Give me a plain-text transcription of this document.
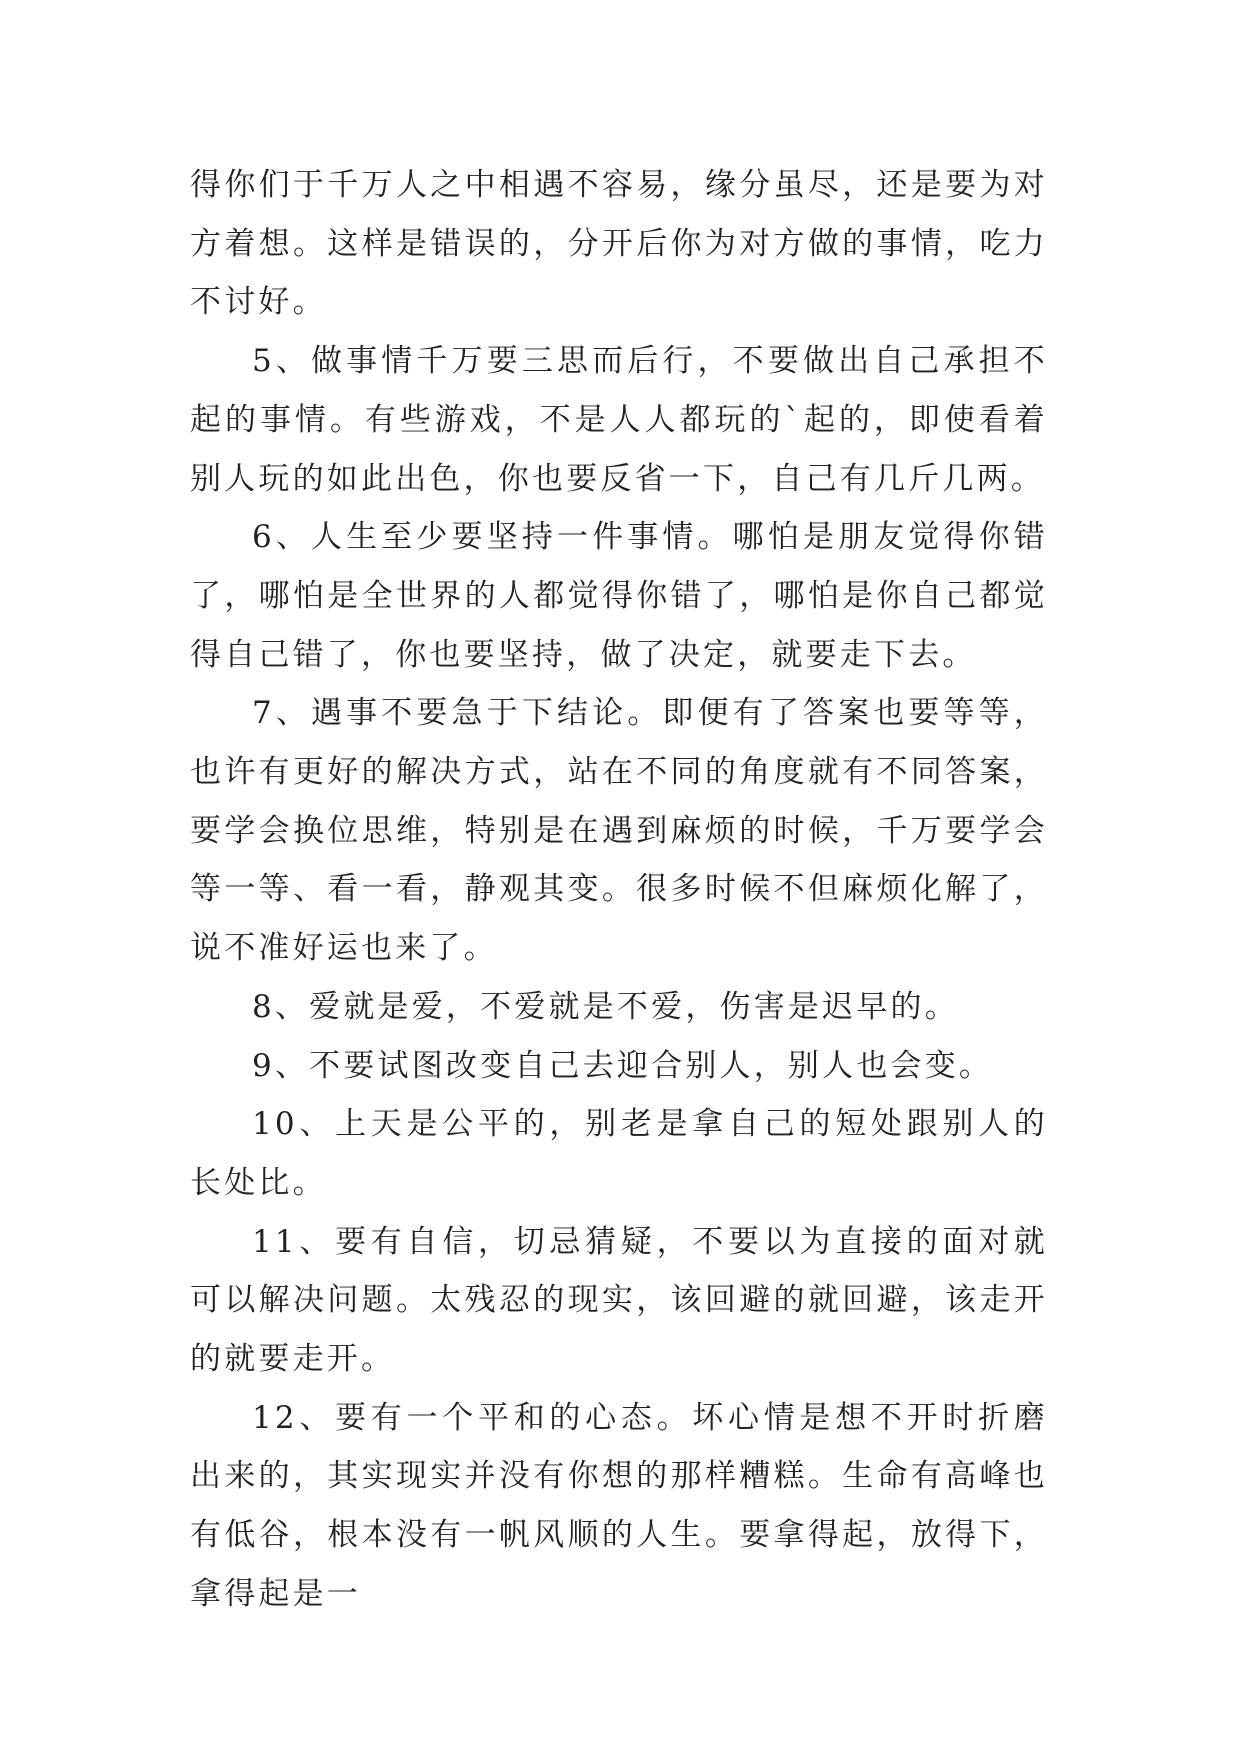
得你们于千万人之中相遇不容易，缘分虽尽，还是要为对方着想。这样是错误的，分开后你为对方做的事情，吃力不讨好。

5、做事情千万要三思而后行，不要做出自己承担不起的事情。有些游戏，不是人人都玩的`起的，即使看着别人玩的如此出色，你也要反省一下，自己有几斤几两。

6、人生至少要坚持一件事情。哪怕是朋友觉得你错了，哪怕是全世界的人都觉得你错了，哪怕是你自己都觉得自己错了，你也要坚持，做了决定，就要走下去。

7、遇事不要急于下结论。即便有了答案也要等等，也许有更好的解决方式，站在不同的角度就有不同答案，要学会换位思维，特别是在遇到麻烦的时候，千万要学会等一等、看一看，静观其变。很多时候不但麻烦化解了，说不准好运也来了。

8、爱就是爱，不爱就是不爱，伤害是迟早的。

9、不要试图改变自己去迎合别人，别人也会变。

10、上天是公平的，别老是拿自己的短处跟别人的长处比。

11、要有自信，切忌猜疑，不要以为直接的面对就可以解决问题。太残忍的现实，该回避的就回避，该走开的就要走开。

12、要有一个平和的心态。坏心情是想不开时折磨出来的，其实现实并没有你想的那样糟糕。生命有高峰也有低谷，根本没有一帆风顺的人生。要拿得起，放得下，拿得起是一
